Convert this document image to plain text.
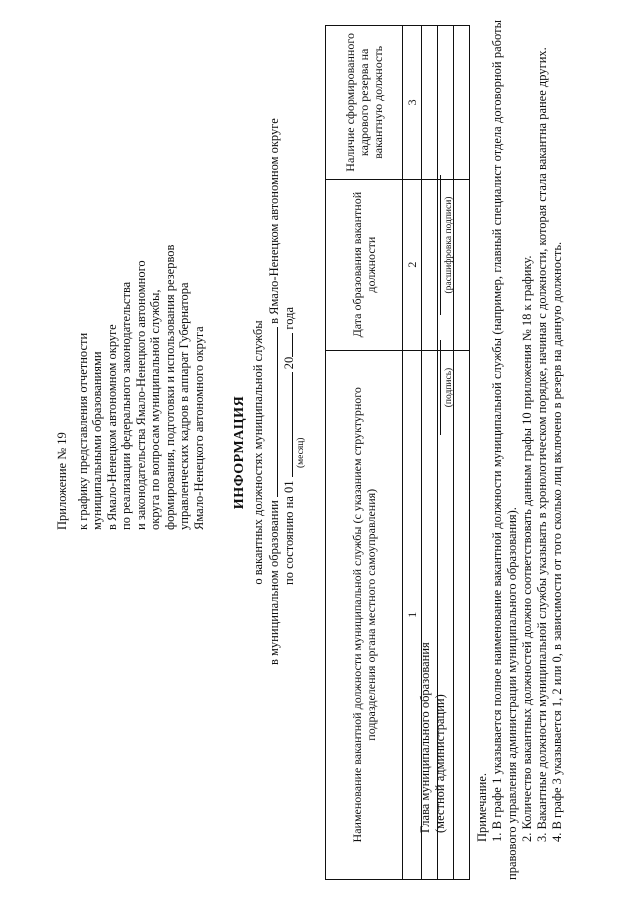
Приложение № 19 к графику представления отчетности муниципальными образованиями в Ямало-Ненецком автономном округе по реализации федерального законодательства и законодательства Ямало-Ненецкого автономного округа по вопросам муниципальной службы, формирования, подготовки и использования резервов управленческих кадров в аппарат Губернатора Ямало-Ненецкого автономного округа ИНФОРМАЦИЯ о вакантных должностях муниципальной службы в муниципальном образовании  в Ямало-Ненецком автономном округе
по состоянию на 01  20 года
(месяц)	Наименование вакантной должности муниципальной службы (с указанием структурного подразделения органа местного самоуправления)	Дата образования вакантной должности	Наличие сформированного кадрового резерва на вакантную должность
1	2	3

Глава муниципального образования (местной администрации)
(подпись)
(расшифровка подписи)
Примечание. 1. В графе 1 указывается полное наименование вакантной должности муниципальной службы (например, главный специалист отдела договорной работы правового управления администрации муниципального образования). 2. Количество вакантных должностей должно соответствовать данным графы 10 приложения № 18 к графику. 3. Вакантные должности муниципальной службы указывать в хронологическом порядке, начиная с должности, которая стала вакантна ранее других. 4. В графе 3 указывается 1, 2 или 0, в зависимости от того сколько лиц включено в резерв на данную должность.
